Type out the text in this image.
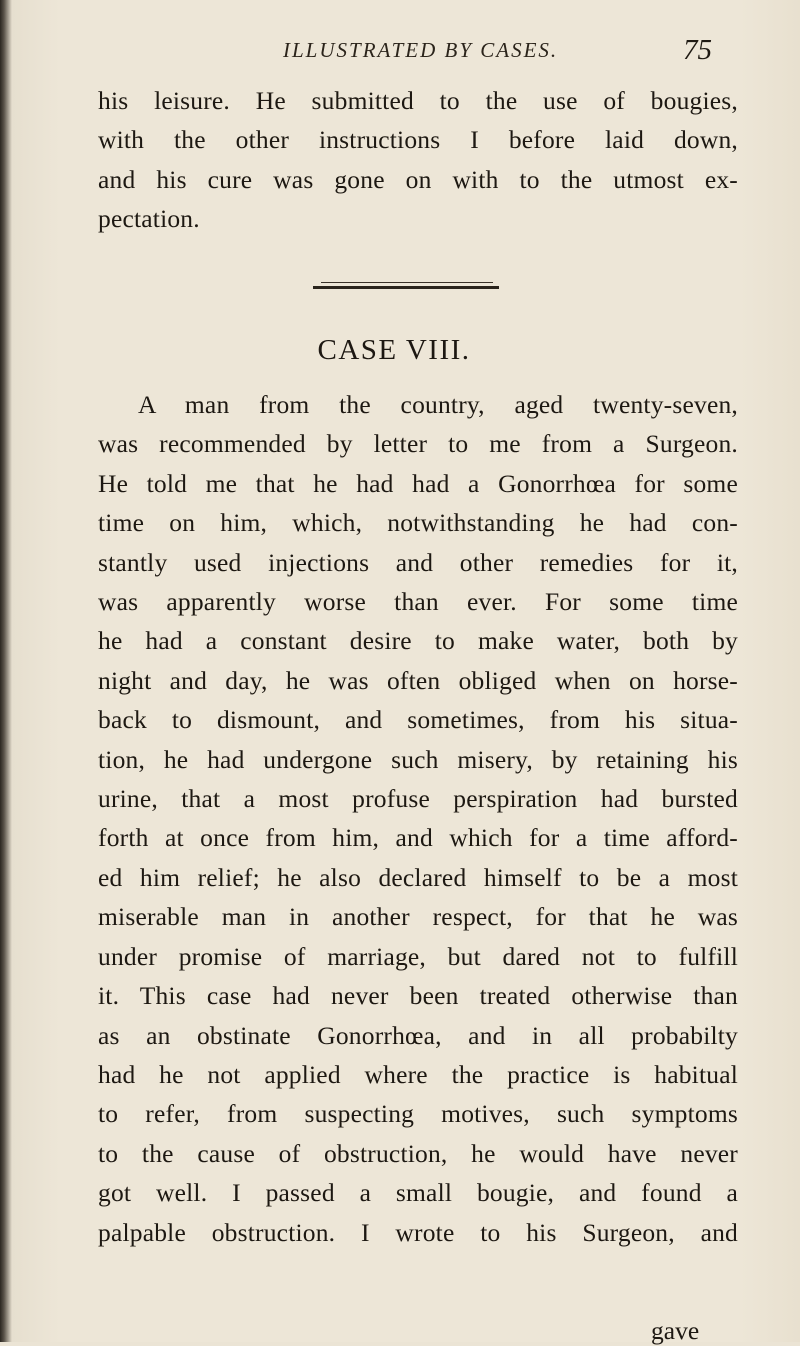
ILLUSTRATED BY CASES.	75
his leisure. He submitted to the use of bougies,
with the other instructions I before laid down,
and his cure was gone on with to the utmost ex-
pectation.
CASE VIII.
A man from the country, aged twenty-seven,
was recommended by letter to me from a Surgeon.
He told me that he had had a Gonorrhœa for some
time on him, which, notwithstanding he had con-
stantly used injections and other remedies for it,
was apparently worse than ever. For some time
he had a constant desire to make water, both by
night and day, he was often obliged when on horse-
back to dismount, and sometimes, from his situa-
tion, he had undergone such misery, by retaining his
urine, that a most profuse perspiration had bursted
forth at once from him, and which for a time afford-
ed him relief; he also declared himself to be a most
miserable man in another respect, for that he was
under promise of marriage, but dared not to fulfill
it. This case had never been treated otherwise than
as an obstinate Gonorrhœa, and in all probabilty
had he not applied where the practice is habitual
to refer, from suspecting motives, such symptoms
to the cause of obstruction, he would have never
got well. I passed a small bougie, and found a
palpable obstruction. I wrote to his Surgeon, and
gave
